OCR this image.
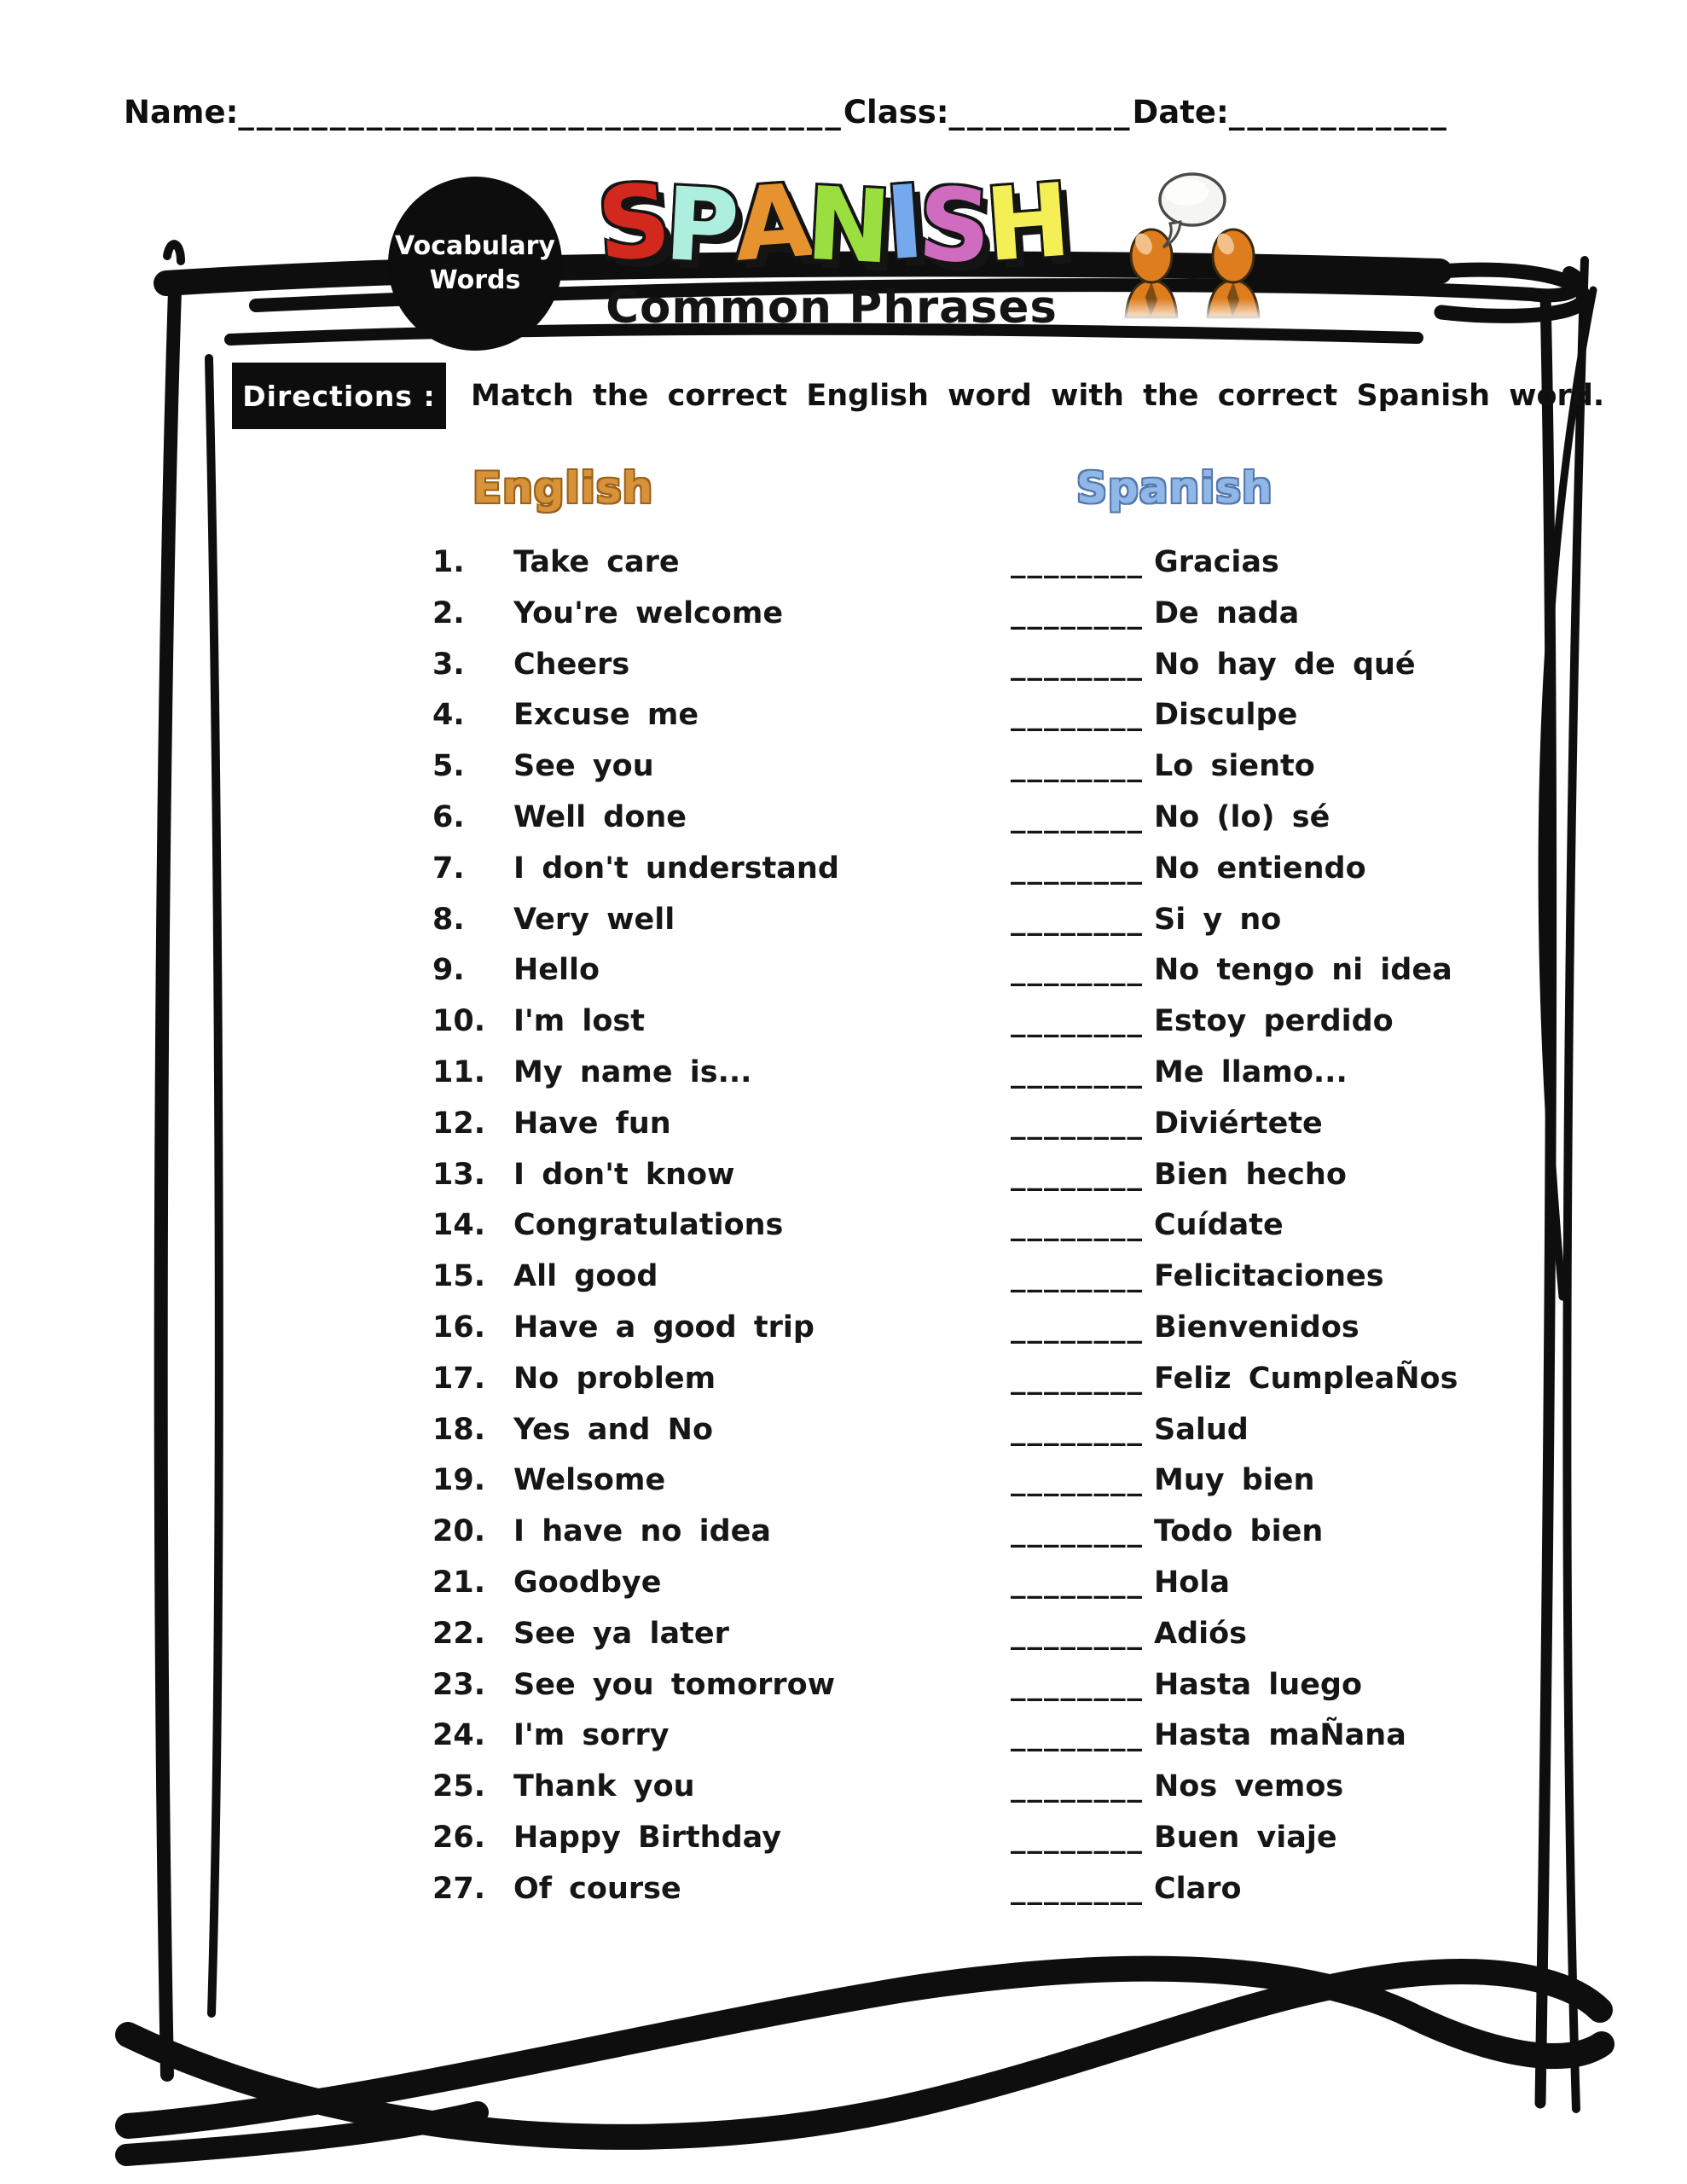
Name:_________________________________Class:__________Date:____________
Vocabulary
Words SPANISH
Common Phrases
Directions : Match the correct English word with the correct Spanish word.
English	Spanish
1. Take care	________ Gracias
2. You're welcome	________ De nada
3. Cheers	________ No hay de qué
4. Excuse me	________ Disculpe
5. See you	________ Lo siento
6. Well done	________ No (lo) sé
7. I don't understand	________ No entiendo
8. Very well	________ Si y no
9. Hello	________ No tengo ni idea
10. I'm lost	________ Estoy perdido
11. My name is...	________ Me llamo...
12. Have fun	________ Diviértete
13. I don't know	________ Bien hecho
14. Congratulations	________ Cuídate
15. All good	________ Felicitaciones
16. Have a good trip	________ Bienvenidos
17. No problem	________ Feliz CumpleaÑos
18. Yes and No	________ Salud
19. Welsome	________ Muy bien
20. I have no idea	________ Todo bien
21. Goodbye	________ Hola
22. See ya later	________ Adiós
23. See you tomorrow	________ Hasta luego
24. I'm sorry	________ Hasta maÑana
25. Thank you	________ Nos vemos
26. Happy Birthday	________ Buen viaje
27. Of course	________ Claro
